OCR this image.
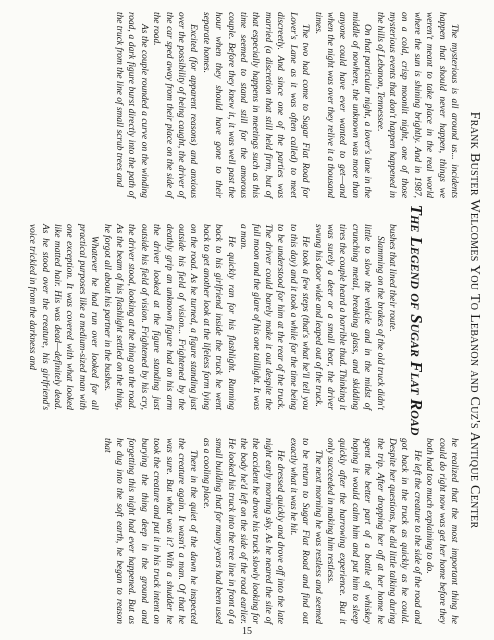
Frank Buster Welcomes You To Lebanon and Cuz's Antique Center
The Legend of Sugar Flat Road

The mysterious is all around us... incidents happen that should never happen, things we weren't meant to take place in the real world where the sun is shining brightly. And in 1987, on a cold, crisp moonlit night, one of those mysterious events that don't happen happened in the hills of Lebanon, Tennessee.

On that particular night, a lover's lane in the middle of nowhere, the unknown was more than anyone could have ever wanted to get—and when the night was over they relive it a thousand times.

The two had come to Sugar Flat Road for Lover's Lane as it was often called) to meet discreetly. And since one of the parties was married (a discretion that still held firm, but of that especially happens in meetings such as this time seemed to stand still for the amorous couple. Before they knew it, it was well past the hour when they should have gone to their separate homes.

Excited (for apparent reasons) and anxious over the possibility of being caught, the driver of the car sped away from their place on the side of the road.

As the couple rounded a curve on the winding road, a dark figure burst directly into the path of the truck from the line of small scrub trees and

bushes that lined their route.

Slamming on the brakes of the old truck didn't little to slow the vehicle and in the midst of crunching metal, breaking glass, and skidding tires the couple heard a horrible thud. Thinking it was surely a deer or a small bear, the driver swung his door wide and leaped out of the truck.

He took a few steps (that's what he'll tell you to this day) and it took a while for the time being to be understood for him at the rear of the truck. The driver could barely make it out despite the full moon and the glare of his one taillight. It was a man.

He quickly ran for his flashlight. Running back to his girlfriend inside the truck he went back to get another look at the lifeless form lying on the road. As he turned, a figure standing just outside his field of vision... Frightened by the deathly grip an unknown figure had on his arm the driver looked at the figure standing just outside his field of vision. Frightened by his cry, the driver stood, looking at the thing on the road. As the beam of his flashlight settled on the thing, he forgot all about his partner in the bushes.

Whatever he had run over looked for all practical purposes like a medium-sized man with one exception. It was covered with what looked like matted hair. His was dead—definitely dead. As he stood over the creature, his girlfriend's voice trickled in from the darkness and

he realized that the most important thing he could do right now was get her home before they both had too much explaining to do.

He left the creature to the side of the road and got back in the truck as quickly as he could. Despite her questions, he did little talking during the trip. After dropping her off at her home he spent the better part of a bottle of whiskey hoping it would calm him and put him to sleep quickly after the harrowing experience. But it only succeeded in making him restless.

The next morning he was restless and seemed to be return to Sugar Flat Road and find out exactly what it was he hit.

He dressed quickly and drove off into the late night early morning sky. As he neared the site of the accident he drove his truck slowly looking for the body he'd left on the side of the road earlier. He looked his truck into the tree line in front of a small building that for many years had been used as a cooling place.

There in the quiet of the dawn he inspected the creature again. It wasn't a man. Of that he was sure. But what was it? With a shudder he took the creature and put it in his truck intent on burying the thing deep in the ground and forgetting this night had ever happened. But as he dug into the soft earth, he began to reason that

15
